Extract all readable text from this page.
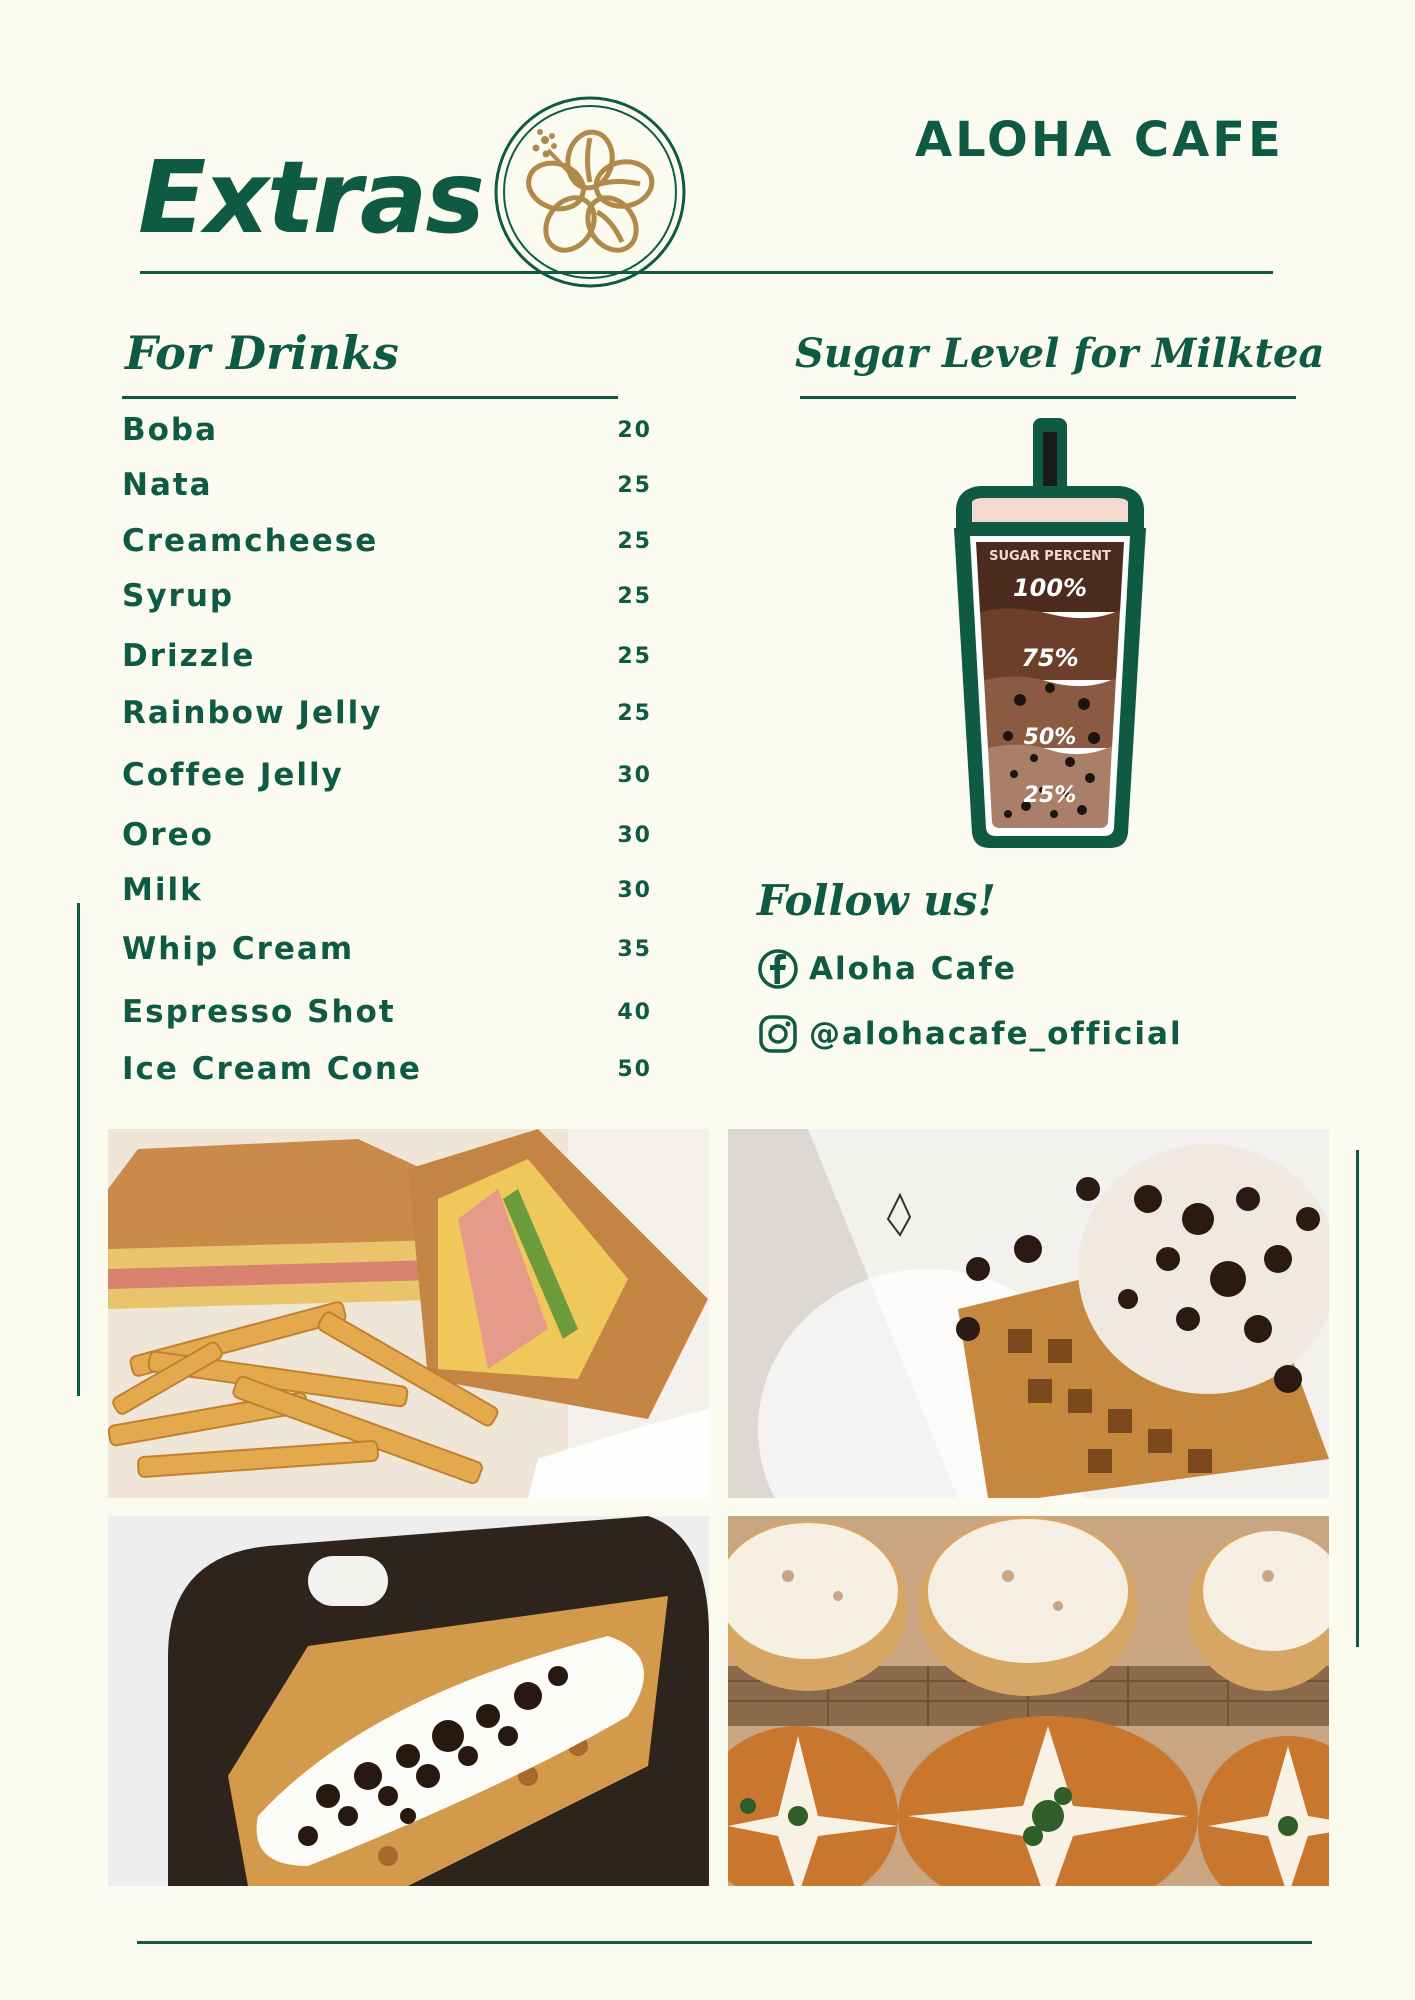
Extras	ALOHA CAFE
For Drinks
Boba	20
Nata	25
Creamcheese	25
Syrup	25
Drizzle	25
Rainbow Jelly	25
Coffee Jelly	30
Oreo	30
Milk	30
Whip Cream	35
Espresso Shot	40
Ice Cream Cone	50
Sugar Level for Milktea
SUGAR PERCENT
100%
75%
50%
25%
Follow us!
Aloha Cafe
@alohacafe_official
